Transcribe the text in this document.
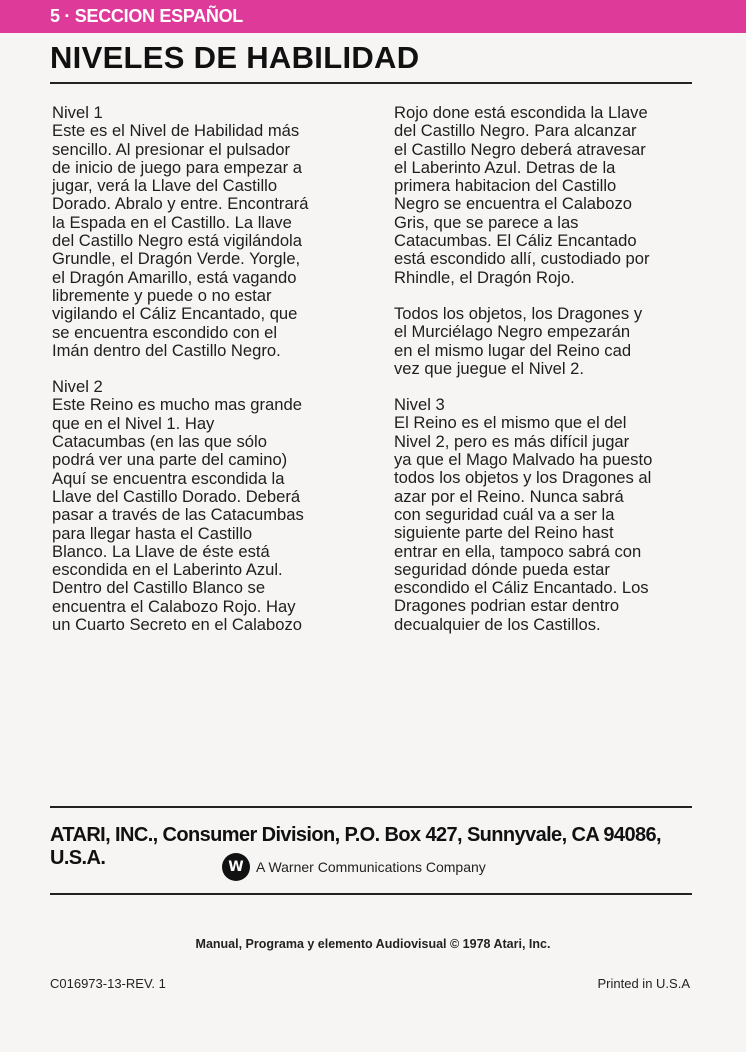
5 · SECCION ESPAÑOL
NIVELES DE HABILIDAD
Nivel 1
Este es el Nivel de Habilidad más
sencillo. Al presionar el pulsador
de inicio de juego para empezar a
jugar, verá la Llave del Castillo
Dorado. Abralo y entre. Encontrará
la Espada en el Castillo. La llave
del Castillo Negro está vigilándola
Grundle, el Dragón Verde. Yorgle,
el Dragón Amarillo, está vagando
libremente y puede o no estar
vigilando el Cáliz Encantado, que
se encuentra escondido con el
Imán dentro del Castillo Negro.
Nivel 2
Este Reino es mucho mas grande
que en el Nivel 1. Hay
Catacumbas (en las que sólo
podrá ver una parte del camino)
Aquí se encuentra escondida la
Llave del Castillo Dorado. Deberá
pasar a través de las Catacumbas
para llegar hasta el Castillo
Blanco. La Llave de éste está
escondida en el Laberinto Azul.
Dentro del Castillo Blanco se
encuentra el Calabozo Rojo. Hay
un Cuarto Secreto en el Calabozo
Rojo done está escondida la Llave
del Castillo Negro. Para alcanzar
el Castillo Negro deberá atravesar
el Laberinto Azul. Detras de la
primera habitacion del Castillo
Negro se encuentra el Calabozo
Gris, que se parece a las
Catacumbas. El Cáliz Encantado
está escondido allí, custodiado por
Rhindle, el Dragón Rojo.
Todos los objetos, los Dragones y
el Murciélago Negro empezarán
en el mismo lugar del Reino cad
vez que juegue el Nivel 2.
Nivel 3
El Reino es el mismo que el del
Nivel 2, pero es más difícil jugar
ya que el Mago Malvado ha puesto
todos los objetos y los Dragones al
azar por el Reino. Nunca sabrá
con seguridad cuál va a ser la
siguiente parte del Reino hast
entrar en ella, tampoco sabrá con
seguridad dónde pueda estar
escondido el Cáliz Encantado. Los
Dragones podrian estar dentro
decualquier de los Castillos.
ATARI, INC., Consumer Division, P.O. Box 427, Sunnyvale, CA 94086, U.S.A.	W A Warner Communications Company
Manual, Programa y elemento Audiovisual © 1978 Atari, Inc.
C016973-13-REV. 1	Printed in U.S.A
